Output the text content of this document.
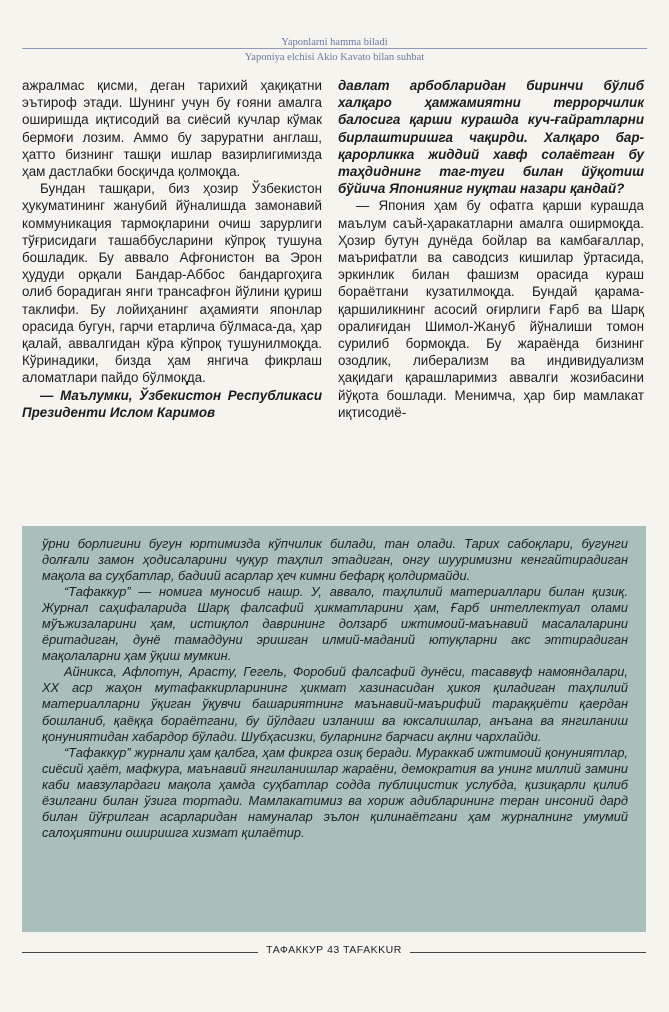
Yaponlarni hamma biladi
Yaponiya elchisi Akio Kavato bilan suhbat

ажралмас қисми, деган тарихий ҳақиқатни эътироф этади. Шунинг учун бу ғояни амалга оширишда иқтисодий ва сиёсий кучлар кўмак бермоғи лозим. Аммо бу заруратни англаш, ҳатто бизнинг ташқи ишлар вазирлигимизда ҳам дастлабки босқичда қолмоқда.

Бундан ташқари, биз ҳозир Ўзбекистон ҳукуматининг жанубий йўналишда замонавий коммуникация тармоқларини очиш зарурлиги тўғрисидаги ташаббусларини кўпроқ тушуна бошладик. Бу аввало Афғонистон ва Эрон ҳудуди орқали Бандар-Аббос бандаргоҳига олиб борадиган янги трансафғон йўлини қуриш таклифи. Бу лойиҳанинг аҳамияти японлар орасида бугун, гарчи етарлича бўлмаса-да, ҳар қалай, аввалгидан кўра кўпроқ тушунилмоқда. Кўринадики, бизда ҳам янгича фикрлаш аломатлари пайдо бўлмоқда.

— Маълумки, Ўзбекистон Республикаси Президенти Ислом Каримов

давлат арбобларидан биринчи бўлиб халқаро ҳамжамиятни террорчилик балосига қарши курашда куч-ғайратларни бирлаштиришга чақирди. Халқаро бар-қарорликка жиддий хавф солаётган бу таҳдиднинг таг-туги билан йўқотиш бўйича Японияниг нуқтаи назари қандай?

— Япония ҳам бу офатга қарши курашда маълум саъй-ҳаракатларни амалга оширмоқда. Ҳозир бутун дунёда бойлар ва камбағаллар, маърифатли ва саводсиз кишилар ўртасида, эркинлик билан фашизм орасида кураш бораётгани кузатилмоқда. Бундай қарама-қаршиликнинг асосий оғирлиги Ғарб ва Шарқ оралиғидан Шимол-Жануб йўналиши томон сурилиб бормоқда. Бу жараёнда бизнинг озодлик, либерализм ва индивидуализм ҳақидаги қарашларимиз аввалги жозибасини йўқота бошлади. Менимча, ҳар бир мамлакат иқтисодиё-

ўрни борлигини бугун юртимизда кўпчилик билади, тан олади. Тарих сабоқлари, бугунги долғали замон ҳодисаларини чуқур таҳлил этадиган, онгу шууримизни кенгайтирадиган мақола ва суҳбатлар, бадиий асарлар ҳеч кимни бефарқ қолдирмайди.

“Тафаккур” — номига муносиб нашр. У, аввало, таҳлилий материаллари билан қизиқ. Журнал саҳифаларида Шарқ фалсафий ҳикматларини ҳам, Ғарб интеллектуал олами мўъжизаларини ҳам, истиқлол даврининг долзарб ижтимоий-маънавий масалаларини ёритадиган, дунё тамаддуни эришган илмий-маданий ютуқларни акс эттирадиган мақолаларни ҳам ўқиш мумкин.

Айникса, Афлотун, Арасту, Гегель, Форобий фалсафий дунёси, тасаввуф намояндалари, XX аср жаҳон мутафаккирларининг ҳикмат хазинасидан ҳикоя қиладиган таҳлилий материалларни ўқиган ўқувчи башариятнинг маънавий-маърифий тараққиёти қаердан бошланиб, қаёққа бораётгани, бу йўлдаги изланиш ва юксалишлар, анъана ва янгиланиш қонуниятидан хабардор бўлади. Шубҳасизки, буларнинг барчаси ақлни чархлайди.

“Тафаккур” журнали ҳам қалбга, ҳам фикрга озиқ беради. Мураккаб ижтимоий қонуниятлар, сиёсий ҳаёт, мафкура, маънавий янгиланишлар жараёни, демократия ва унинг миллий замини каби мавзулардаги мақола ҳамда суҳбатлар содда публицистик услубда, қизиқарли қилиб ёзилгани билан ўзига тортади. Мамлакатимиз ва хориж адибларининг теран инсоний дард билан йўғрилган асарларидан намуналар эълон қилинаётгани ҳам журналнинг умумий салоҳиятини оширишга хизмат қилаётир.

ТАФАККУР 43 TAFAKKUR
